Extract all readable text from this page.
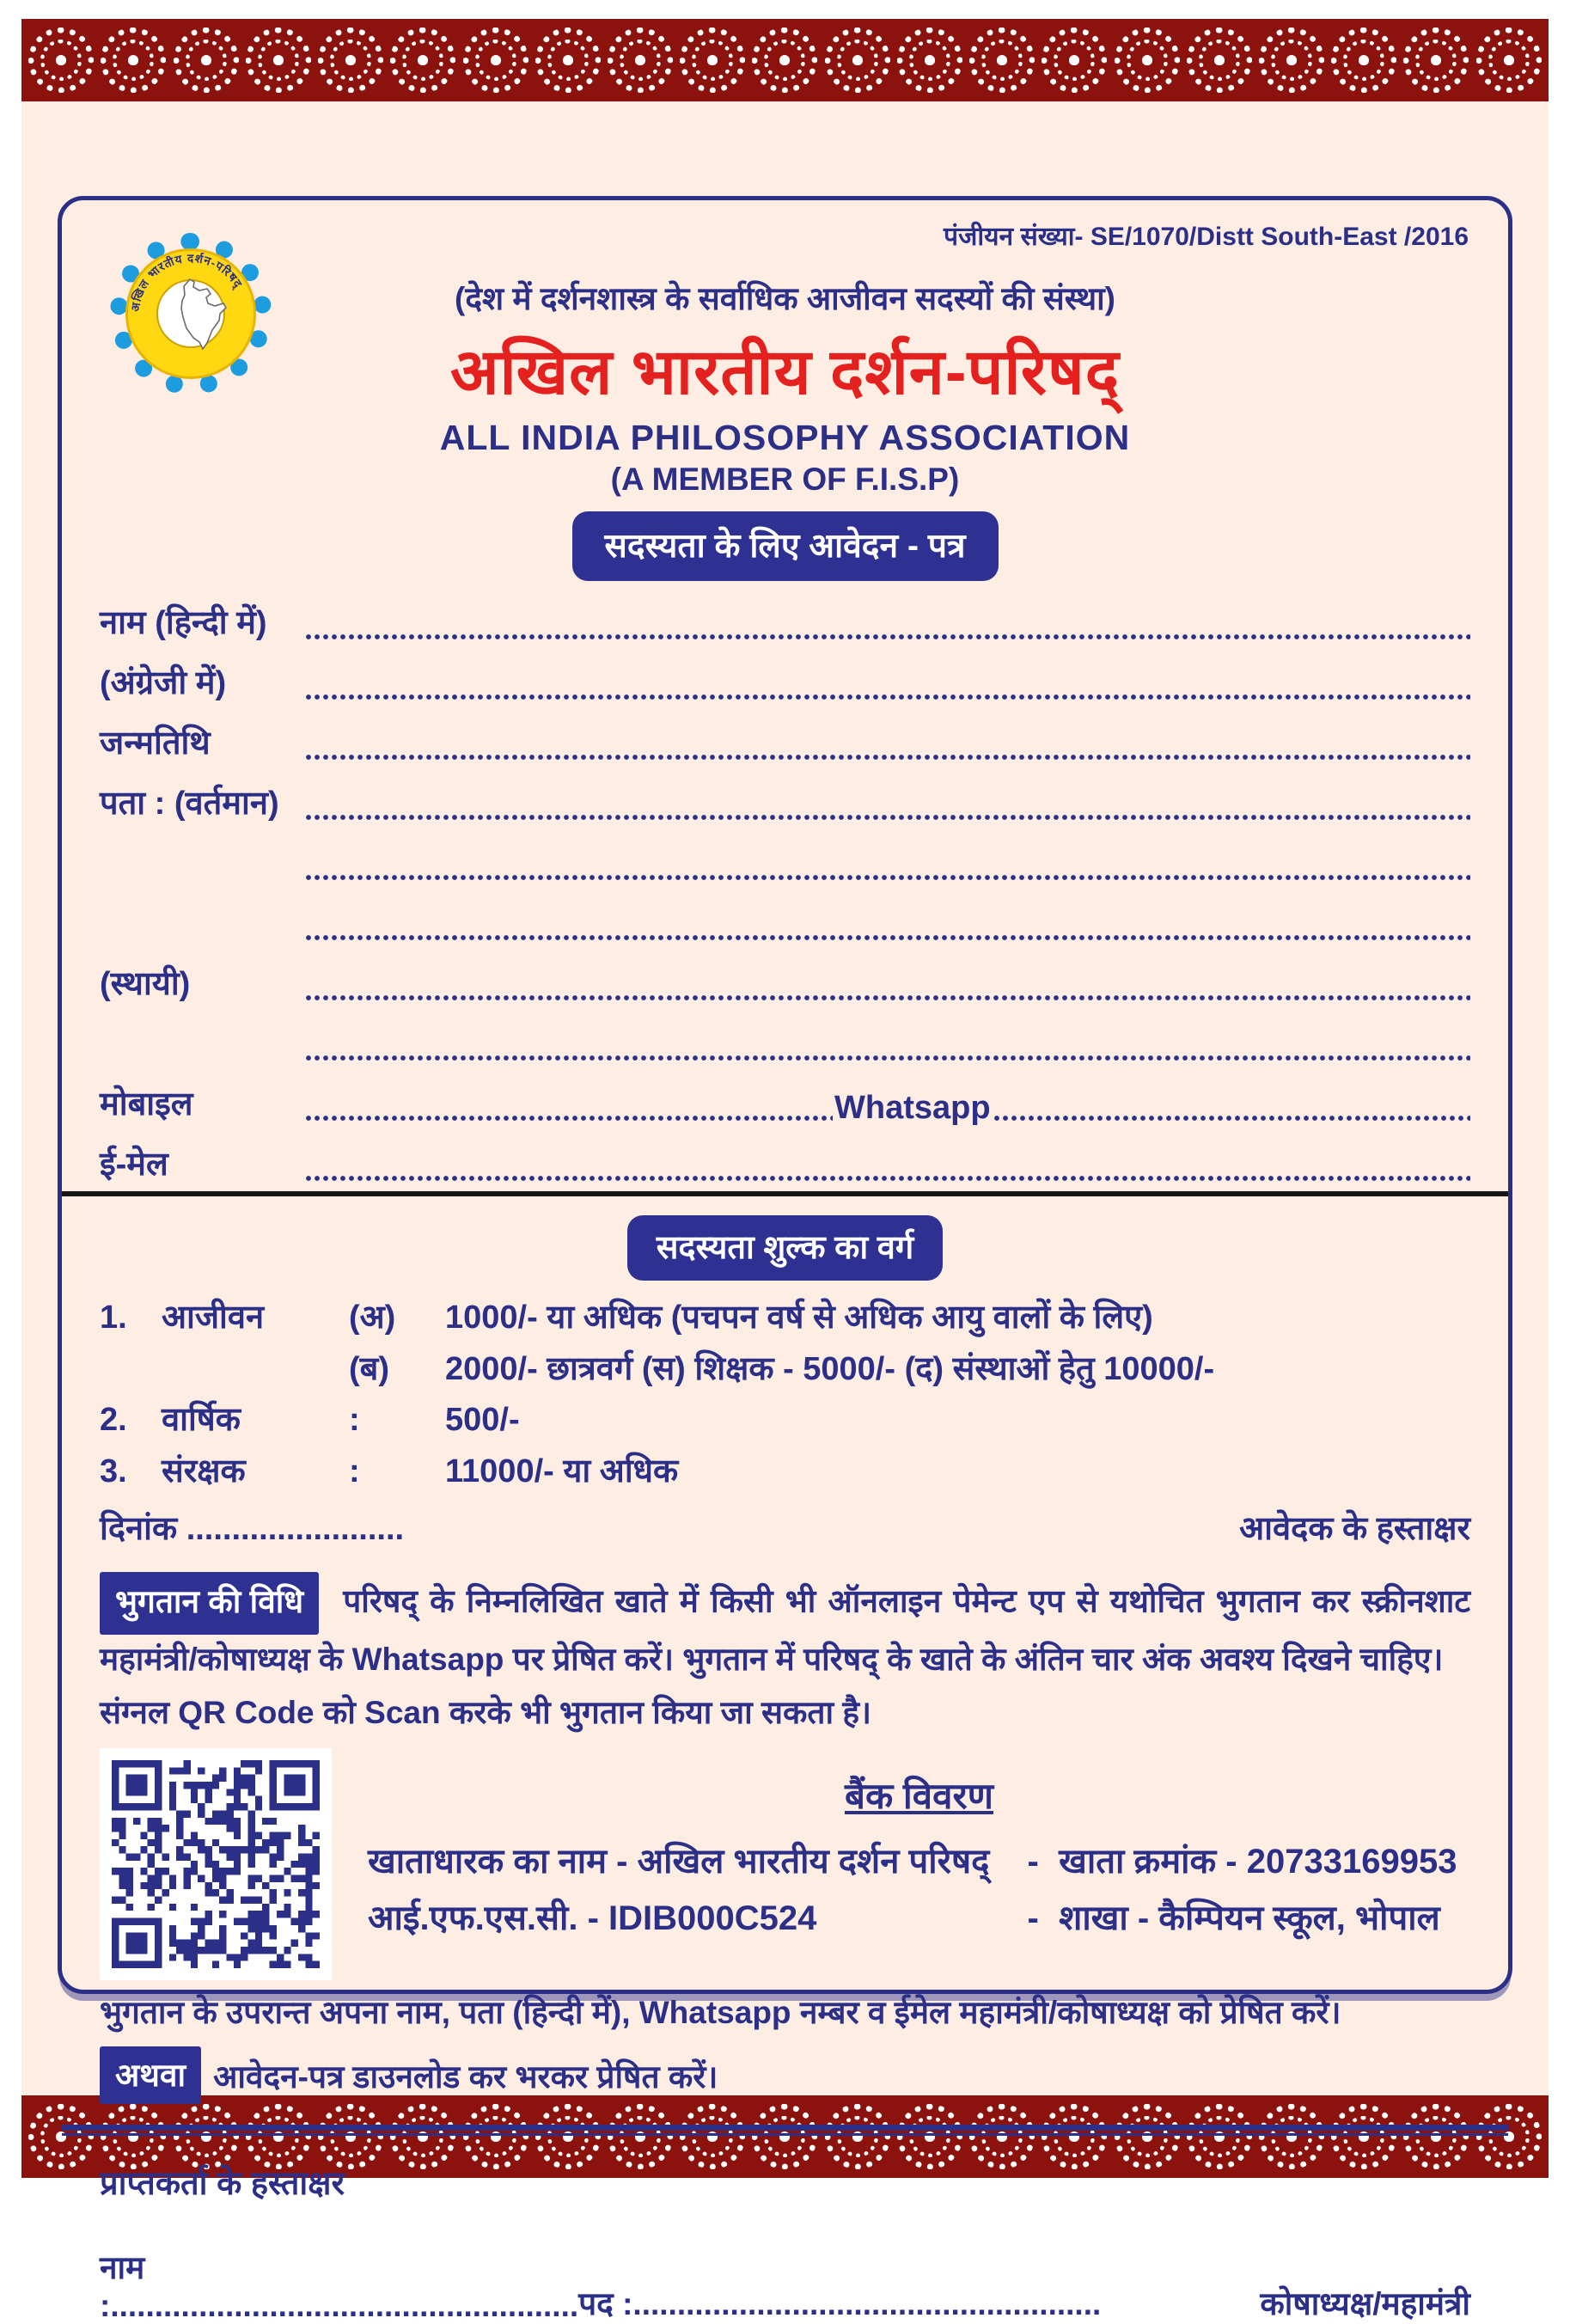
अखिल भारतीय दर्शन-परिषद्
पंजीयन संख्या- SE/1070/Distt South-East /2016
(देश में दर्शनशास्त्र के सर्वाधिक आजीवन सदस्यों की संस्था)
अखिल भारतीय दर्शन-परिषद्
ALL INDIA PHILOSOPHY ASSOCIATION
(A MEMBER OF F.I.S.P)
सदस्यता के लिए आवेदन - पत्र
नाम (हिन्दी में)
(अंग्रेजी में)
जन्मतिथि
पता : (वर्तमान)
(स्थायी)
मोबाइल	Whatsapp
ई-मेल
सदस्यता शुल्क का वर्ग
1.	आजीवन	(अ)	1000/- या अधिक (पचपन वर्ष से अधिक आयु वालों के लिए)
(ब)	2000/- छात्रवर्ग (स) शिक्षक - 5000/- (द) संस्थाओं हेतु 10000/-
2.	वार्षिक	:	500/-
3.	संरक्षक	:	11000/- या अधिक
दिनांक ........................	आवेदक के हस्ताक्षर

भुगतान की विधि परिषद् के निम्नलिखित खाते में किसी भी ऑनलाइन पेमेन्ट एप से यथोचित भुगतान कर स्क्रीनशाट महामंत्री/कोषाध्यक्ष के Whatsapp पर प्रेषित करें। भुगतान में परिषद् के खाते के अंतिन चार अंक अवश्य दिखने चाहिए।

संग्नल QR Code को Scan करके भी भुगतान किया जा सकता है।
बैंक विवरण
खाताधारक का नाम - अखिल भारतीय दर्शन परिषद्	- खाता क्रमांक - 20733169953
आई.एफ.एस.सी. - IDIB000C524	- शाखा - कैम्पियन स्कूल, भोपाल
भुगतान के उपरान्त अपना नाम, पता (हिन्दी में), Whatsapp नम्बर व ईमेल महामंत्री/कोषाध्यक्ष को प्रेषित करें।
अथवा आवेदन-पत्र डाउनलोड कर भरकर प्रेषित करें।
प्राप्तकर्ता के हस्ताक्षर
नाम :..................................................... पद :.....................................................	कोषाध्यक्ष/महामंत्री
